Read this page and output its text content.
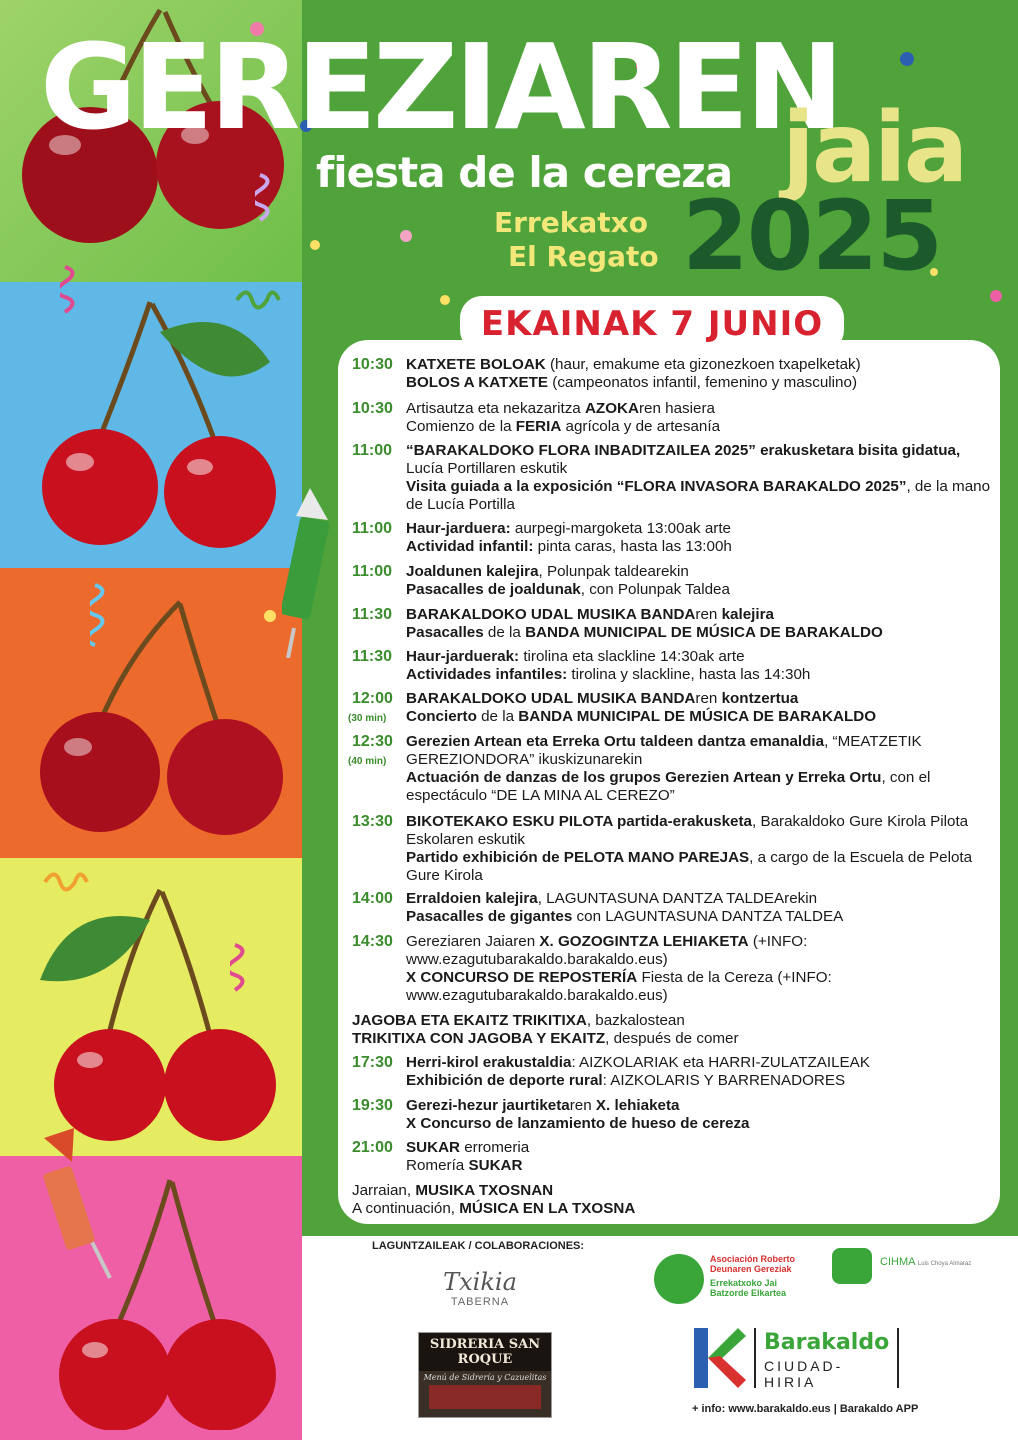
GEREZIAREN
fiesta de la cereza jaia
2025
Errekatxo
El Regato
EKAINAK 7 JUNIO
10:30 KATXETE BOLOAK (haur, emakume eta gizonezkoen txapelketak)
BOLOS A KATXETE (campeonatos infantil, femenino y masculino)
10:30 Artisautza eta nekazaritza AZOKAren hasiera
Comienzo de la FERIA agrícola y de artesanía
11:00 “BARAKALDOKO FLORA INBADITZAILEA 2025” erakusketara bisita gidatua, Lucía Portillaren eskutik
Visita guiada a la exposición “FLORA INVASORA BARAKALDO 2025”, de la mano de Lucía Portilla
11:00 Haur-jarduera: aurpegi-margoketa 13:00ak arte
Actividad infantil: pinta caras, hasta las 13:00h
11:00 Joaldunen kalejira, Polunpak taldearekin
Pasacalles de joaldunak, con Polunpak Taldea
11:30 BARAKALDOKO UDAL MUSIKA BANDAren kalejira
Pasacalles de la BANDA MUNICIPAL DE MÚSICA DE BARAKALDO
11:30 Haur-jarduerak: tirolina eta slackline 14:30ak arte
Actividades infantiles: tirolina y slackline, hasta las 14:30h
12:00
(30 min)
BARAKALDOKO UDAL MUSIKA BANDAren kontzertua
Concierto de la BANDA MUNICIPAL DE MÚSICA DE BARAKALDO
12:30
(40 min)
Gerezien Artean eta Erreka Ortu taldeen dantza emanaldia, “MEATZETIK GEREZIONDORA” ikuskizunarekin
Actuación de danzas de los grupos Gerezien Artean y Erreka Ortu, con el espectáculo “DE LA MINA AL CEREZO”
13:30 BIKOTEKAKO ESKU PILOTA partida-erakusketa, Barakaldoko Gure Kirola Pilota Eskolaren eskutik
Partido exhibición de PELOTA MANO PAREJAS, a cargo de la Escuela de Pelota Gure Kirola
14:00 Erraldoien kalejira, LAGUNTASUNA DANTZA TALDEArekin
Pasacalles de gigantes con LAGUNTASUNA DANTZA TALDEA
14:30 Gereziaren Jaiaren X. GOZOGINTZA LEHIAKETA (+INFO: www.ezagutubarakaldo.barakaldo.eus)
X CONCURSO DE REPOSTERÍA Fiesta de la Cereza (+INFO: www.ezagutubarakaldo.barakaldo.eus)
JAGOBA ETA EKAITZ TRIKITIXA, bazkalostean
TRIKITIXA CON JAGOBA Y EKAITZ, después de comer
17:30 Herri-kirol erakustaldia: AIZKOLARIAK eta HARRI-ZULATZAILEAK
Exhibición de deporte rural: AIZKOLARIS Y BARRENADORES
19:30 Gerezi-hezur jaurtiketaren X. lehiaketa
X Concurso de lanzamiento de hueso de cereza
21:00 SUKAR erromeria
Romería SUKAR
Jarraian, MUSIKA TXOSNAN
A continuación, MÚSICA EN LA TXOSNA
LAGUNTZAILEAK / COLABORACIONES:
Txikia
TABERNA
SIDRERIA SAN ROQUE
Menú de Sidrería y Cazuelitas
Asociación Roberto
Deunaren Gereziak
Errekatxoko Jai
Batzorde Elkartea
CIHMA Luis Choya Almaraz
Barakaldo
CIUDAD-HIRIA
+ info: www.barakaldo.eus | Barakaldo APP
